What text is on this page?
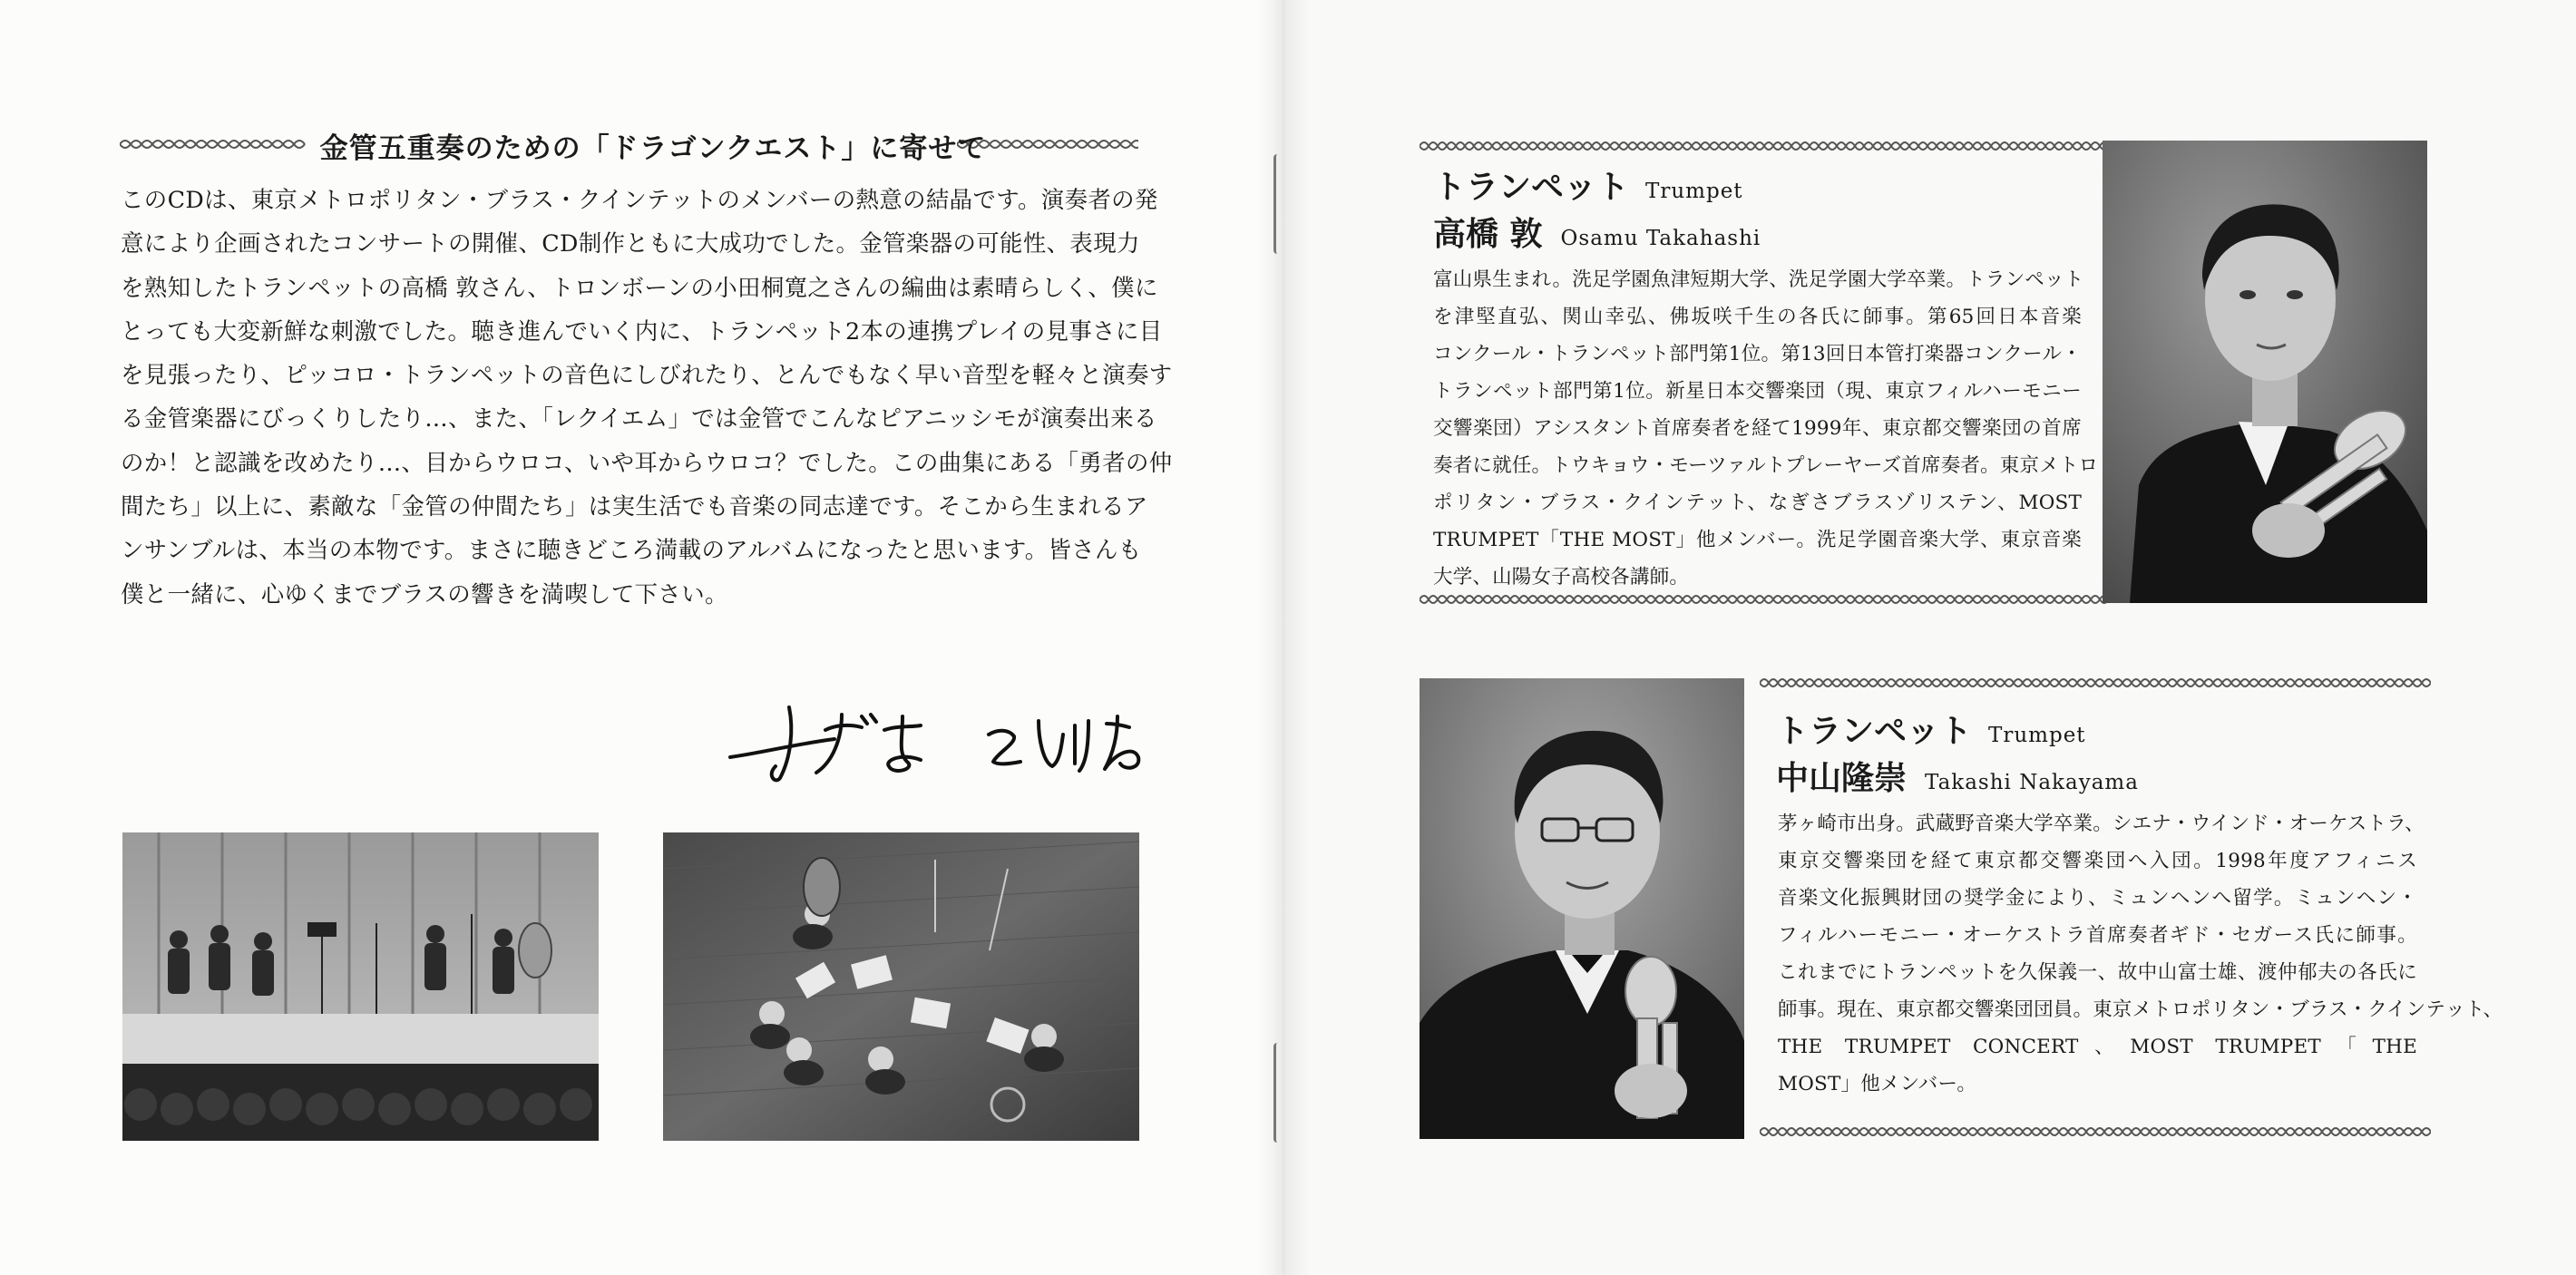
金管五重奏のための「ドラゴンクエスト」に寄せて
このCDは、東京メトロポリタン・ブラス・クインテットのメンバーの熱意の結晶です。演奏者の発
意により企画されたコンサートの開催、CD制作ともに大成功でした。金管楽器の可能性、表現力
を熟知したトランペットの高橋 敦さん、トロンボーンの小田桐寛之さんの編曲は素晴らしく、僕に
とっても大変新鮮な刺激でした。聴き進んでいく内に、トランペット2本の連携プレイの見事さに目
を見張ったり、ピッコロ・トランペットの音色にしびれたり、とんでもなく早い音型を軽々と演奏す
る金管楽器にびっくりしたり…、また、「レクイエム」では金管でこんなピアニッシモが演奏出来る
のか！と認識を改めたり…、目からウロコ、いや耳からウロコ？でした。この曲集にある「勇者の仲
間たち」以上に、素敵な「金管の仲間たち」は実生活でも音楽の同志達です。そこから生まれるア
ンサンブルは、本当の本物です。まさに聴きどころ満載のアルバムになったと思います。皆さんも
僕と一緒に、心ゆくまでブラスの響きを満喫して下さい。
トランペット Trumpet
高橋 敦 Osamu Takahashi
富山県生まれ。洗足学園魚津短期大学、洗足学園大学卒業。トランペット
を津堅直弘、関山幸弘、佛坂咲千生の各氏に師事。第65回日本音楽
コンクール・トランペット部門第1位。第13回日本管打楽器コンクール・
トランペット部門第1位。新星日本交響楽団（現、東京フィルハーモニー
交響楽団）アシスタント首席奏者を経て1999年、東京都交響楽団の首席
奏者に就任。トウキョウ・モーツァルトプレーヤーズ首席奏者。東京メトロ
ポリタン・ブラス・クインテット、なぎさブラスゾリステン、MOST
TRUMPET「THE MOST」他メンバー。洗足学園音楽大学、東京音楽
大学、山陽女子高校各講師。
トランペット Trumpet
中山隆崇 Takashi Nakayama
茅ヶ崎市出身。武蔵野音楽大学卒業。シエナ・ウインド・オーケストラ、
東京交響楽団を経て東京都交響楽団へ入団。1998年度アフィニス
音楽文化振興財団の奨学金により、ミュンヘンへ留学。ミュンヘン・
フィルハーモニー・オーケストラ首席奏者ギド・セガース氏に師事。
これまでにトランペットを久保義一、故中山富士雄、渡仲郁夫の各氏に
師事。現在、東京都交響楽団団員。東京メトロポリタン・ブラス・クインテット、
THE TRUMPET CONCERT、MOST TRUMPET「THE
MOST」他メンバー。
